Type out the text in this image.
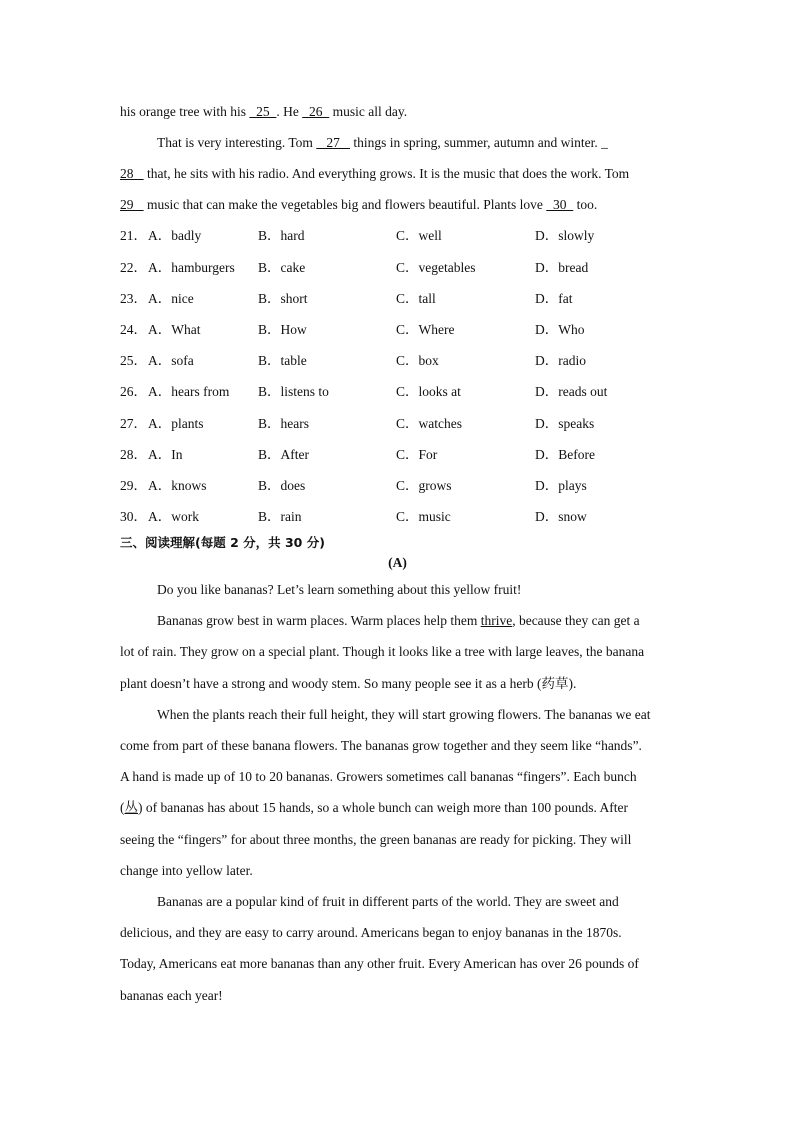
his orange tree with his   25  . He   26   music all day.
That is very interesting. Tom    27    things in spring, summer, autumn and winter. _
28    that, he sits with his radio. And everything grows. It is the music that does the work. Tom
29    music that can make the vegetables big and flowers beautiful. Plants love   30   too.
21． A．badly	B．hard	C．well	D．slowly
22． A．hamburgers B．cake	C．vegetables	D．bread
23． A．nice	B．short	C．tall	D．fat
24． A．What	B．How	C．Where	D．Who
25． A．sofa	B．table	C．box	D．radio
26． A．hears from B．listens to	C．looks at	D．reads out
27． A．plants	B．hears	C．watches	D．speaks
28． A．In	B．After	C．For	D．Before
29． A．knows	B．does	C．grows	D．plays
30． A．work	B．rain	C．music	D．snow
三、阅读理解(每题 2 分，共 30 分)
(A)
Do you like bananas? Let’s learn something about this yellow fruit!
Bananas grow best in warm places. Warm places help them thrive, because they can get a
lot of rain. They grow on a special plant. Though it looks like a tree with large leaves, the banana
plant doesn’t have a strong and woody stem. So many people see it as a herb (药草).
When the plants reach their full height, they will start growing flowers. The bananas we eat
come from part of these banana flowers. The bananas grow together and they seem like “hands”.
A hand is made up of 10 to 20 bananas. Growers sometimes call bananas “fingers”. Each bunch
(丛) of bananas has about 15 hands, so a whole bunch can weigh more than 100 pounds. After
seeing the “fingers” for about three months, the green bananas are ready for picking. They will
change into yellow later.
Bananas are a popular kind of fruit in different parts of the world. They are sweet and
delicious, and they are easy to carry around. Americans began to enjoy bananas in the 1870s.
Today, Americans eat more bananas than any other fruit. Every American has over 26 pounds of
bananas each year!
